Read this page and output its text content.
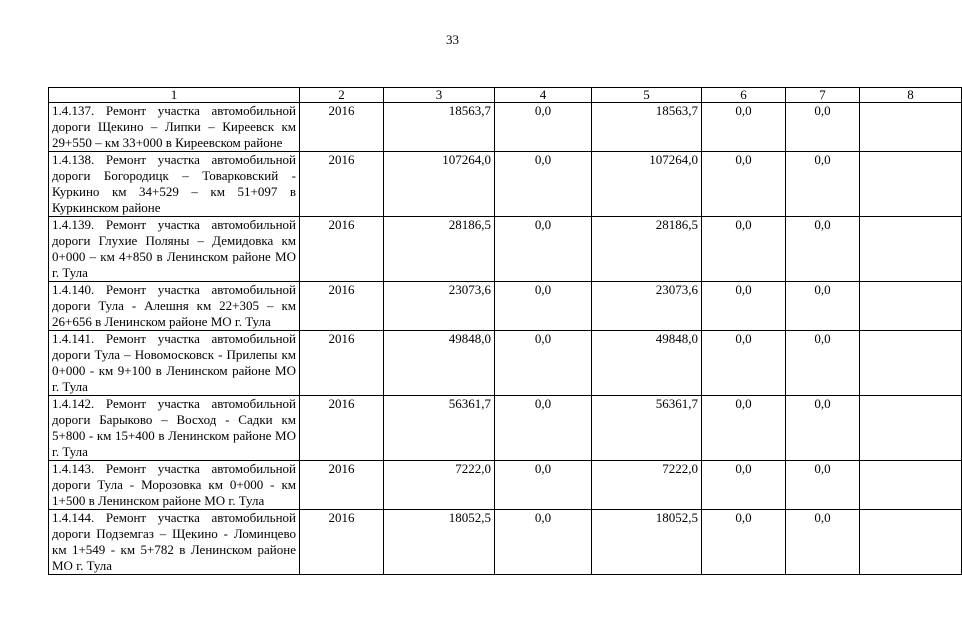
33
1	2	3	4	5	6	7	8
1.4.137. Ремонт участка автомобильной дороги Щекино – Липки – Киреевск км 29+550 – км 33+000 в Киреевском районе	2016	18563,7	0,0	18563,7	0,0	0,0	
1.4.138. Ремонт участка автомобильной дороги Богородицк – Товарковский - Куркино км 34+529 – км 51+097 в Куркинском районе	2016	107264,0	0,0	107264,0	0,0	0,0	
1.4.139. Ремонт участка автомобильной дороги Глухие Поляны – Демидовка км 0+000 – км 4+850 в Ленинском районе МО г. Тула	2016	28186,5	0,0	28186,5	0,0	0,0	
1.4.140. Ремонт участка автомобильной дороги Тула - Алешня км 22+305 – км 26+656 в Ленинском районе МО г. Тула	2016	23073,6	0,0	23073,6	0,0	0,0	
1.4.141. Ремонт участка автомобильной дороги Тула – Новомосковск - Прилепы км 0+000 - км 9+100 в Ленинском районе МО г. Тула	2016	49848,0	0,0	49848,0	0,0	0,0	
1.4.142. Ремонт участка автомобильной дороги Барыково – Восход - Садки км 5+800 - км 15+400 в Ленинском районе МО г. Тула	2016	56361,7	0,0	56361,7	0,0	0,0	
1.4.143. Ремонт участка автомобильной дороги Тула - Морозовка км 0+000 - км 1+500 в Ленинском районе МО г. Тула	2016	7222,0	0,0	7222,0	0,0	0,0	
1.4.144. Ремонт участка автомобильной дороги Подземгаз – Щекино - Ломинцево км 1+549 - км 5+782 в Ленинском районе МО г. Тула	2016	18052,5	0,0	18052,5	0,0	0,0	
